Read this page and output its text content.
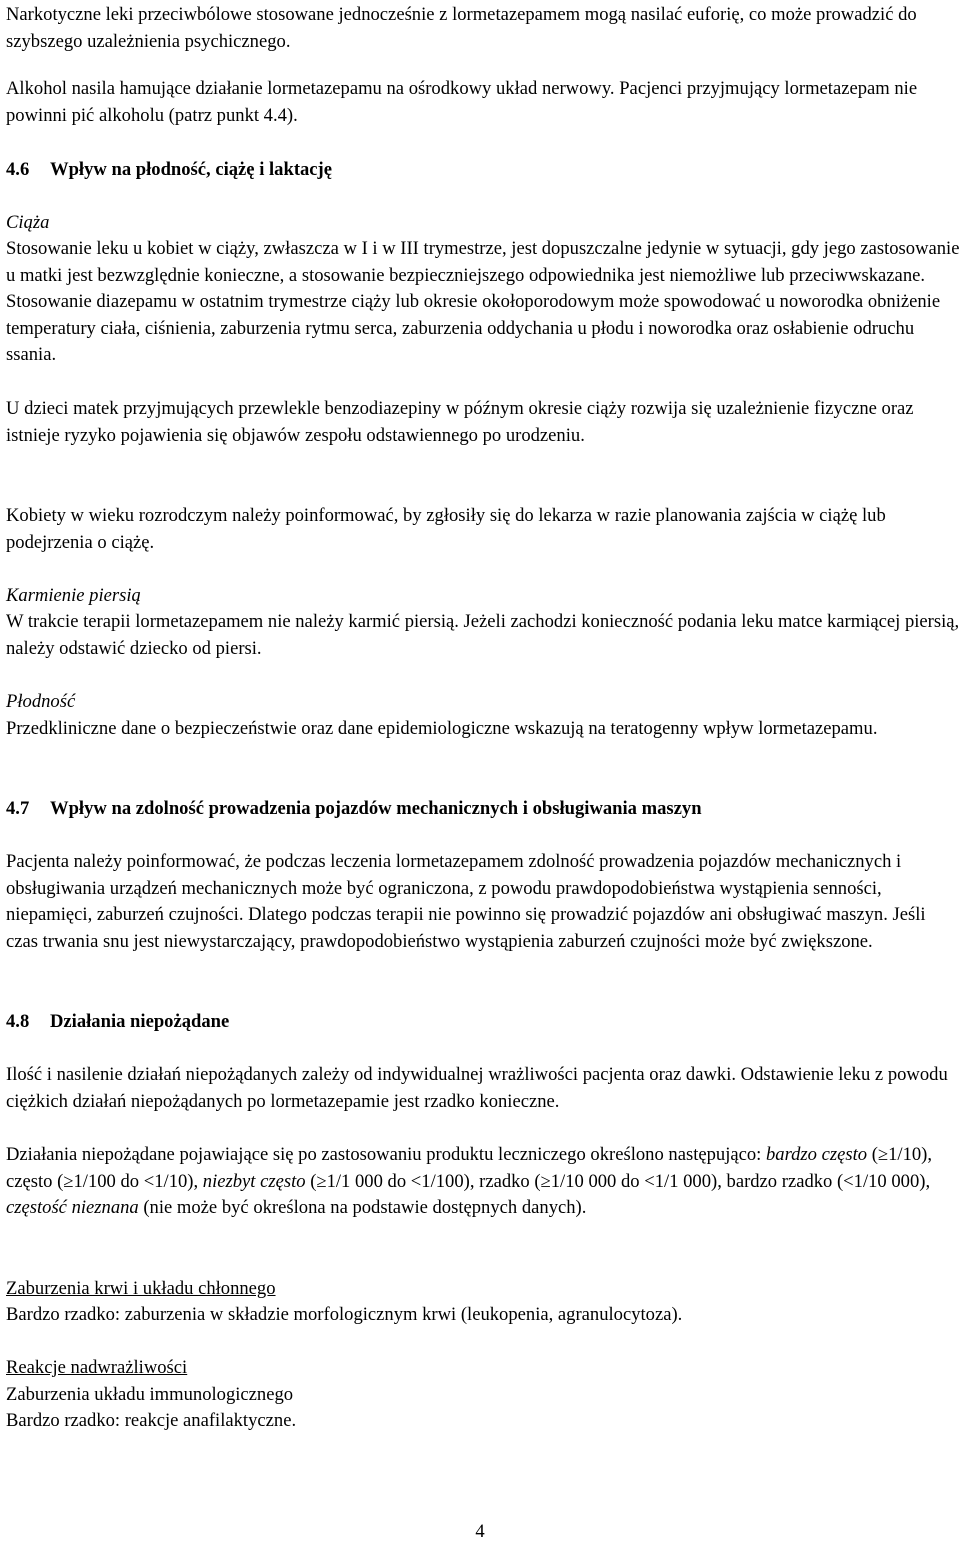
Narkotyczne leki przeciwbólowe stosowane jednocześnie z lormetazepamem mogą nasilać euforię, co może prowadzić do szybszego uzależnienia psychicznego.

Alkohol nasila hamujące działanie lormetazepamu na ośrodkowy układ nerwowy. Pacjenci przyjmujący lormetazepam nie powinni pić alkoholu (patrz punkt 4.4).

4.6 Wpływ na płodność, ciążę i laktację

Ciąża

Stosowanie leku u kobiet w ciąży, zwłaszcza w I i w III trymestrze, jest dopuszczalne jedynie w sytuacji, gdy jego zastosowanie u matki jest bezwzględnie konieczne, a stosowanie bezpieczniejszego odpowiednika jest niemożliwe lub przeciwwskazane. Stosowanie diazepamu w ostatnim trymestrze ciąży lub okresie okołoporodowym może spowodować u noworodka obniżenie temperatury ciała, ciśnienia, zaburzenia rytmu serca, zaburzenia oddychania u płodu i noworodka oraz osłabienie odruchu ssania.

U dzieci matek przyjmujących przewlekle benzodiazepiny w późnym okresie ciąży rozwija się uzależnienie fizyczne oraz istnieje ryzyko pojawienia się objawów zespołu odstawiennego po urodzeniu.

Kobiety w wieku rozrodczym należy poinformować, by zgłosiły się do lekarza w razie planowania zajścia w ciążę lub podejrzenia o ciążę.

Karmienie piersią

W trakcie terapii lormetazepamem nie należy karmić piersią. Jeżeli zachodzi konieczność podania leku matce karmiącej piersią, należy odstawić dziecko od piersi.

Płodność

Przedkliniczne dane o bezpieczeństwie oraz dane epidemiologiczne wskazują na teratogenny wpływ lormetazepamu.

4.7 Wpływ na zdolność prowadzenia pojazdów mechanicznych i obsługiwania maszyn

Pacjenta należy poinformować, że podczas leczenia lormetazepamem zdolność prowadzenia pojazdów mechanicznych i obsługiwania urządzeń mechanicznych może być ograniczona, z powodu prawdopodobieństwa wystąpienia senności, niepamięci, zaburzeń czujności. Dlatego podczas terapii nie powinno się prowadzić pojazdów ani obsługiwać maszyn. Jeśli czas trwania snu jest niewystarczający, prawdopodobieństwo wystąpienia zaburzeń czujności może być zwiększone.

4.8 Działania niepożądane

Ilość i nasilenie działań niepożądanych zależy od indywidualnej wrażliwości pacjenta oraz dawki. Odstawienie leku z powodu ciężkich działań niepożądanych po lormetazepamie jest rzadko konieczne.

Działania niepożądane pojawiające się po zastosowaniu produktu leczniczego określono następująco: bardzo często (≥1/10), często (≥1/100 do <1/10), niezbyt często (≥1/1 000 do <1/100), rzadko (≥1/10 000 do <1/1 000), bardzo rzadko (<1/10 000), częstość nieznana (nie może być określona na podstawie dostępnych danych).

Zaburzenia krwi i układu chłonnego

Bardzo rzadko: zaburzenia w składzie morfologicznym krwi (leukopenia, agranulocytoza).

Reakcje nadwrażliwości

Zaburzenia układu immunologicznego

Bardzo rzadko: reakcje anafilaktyczne.

4
